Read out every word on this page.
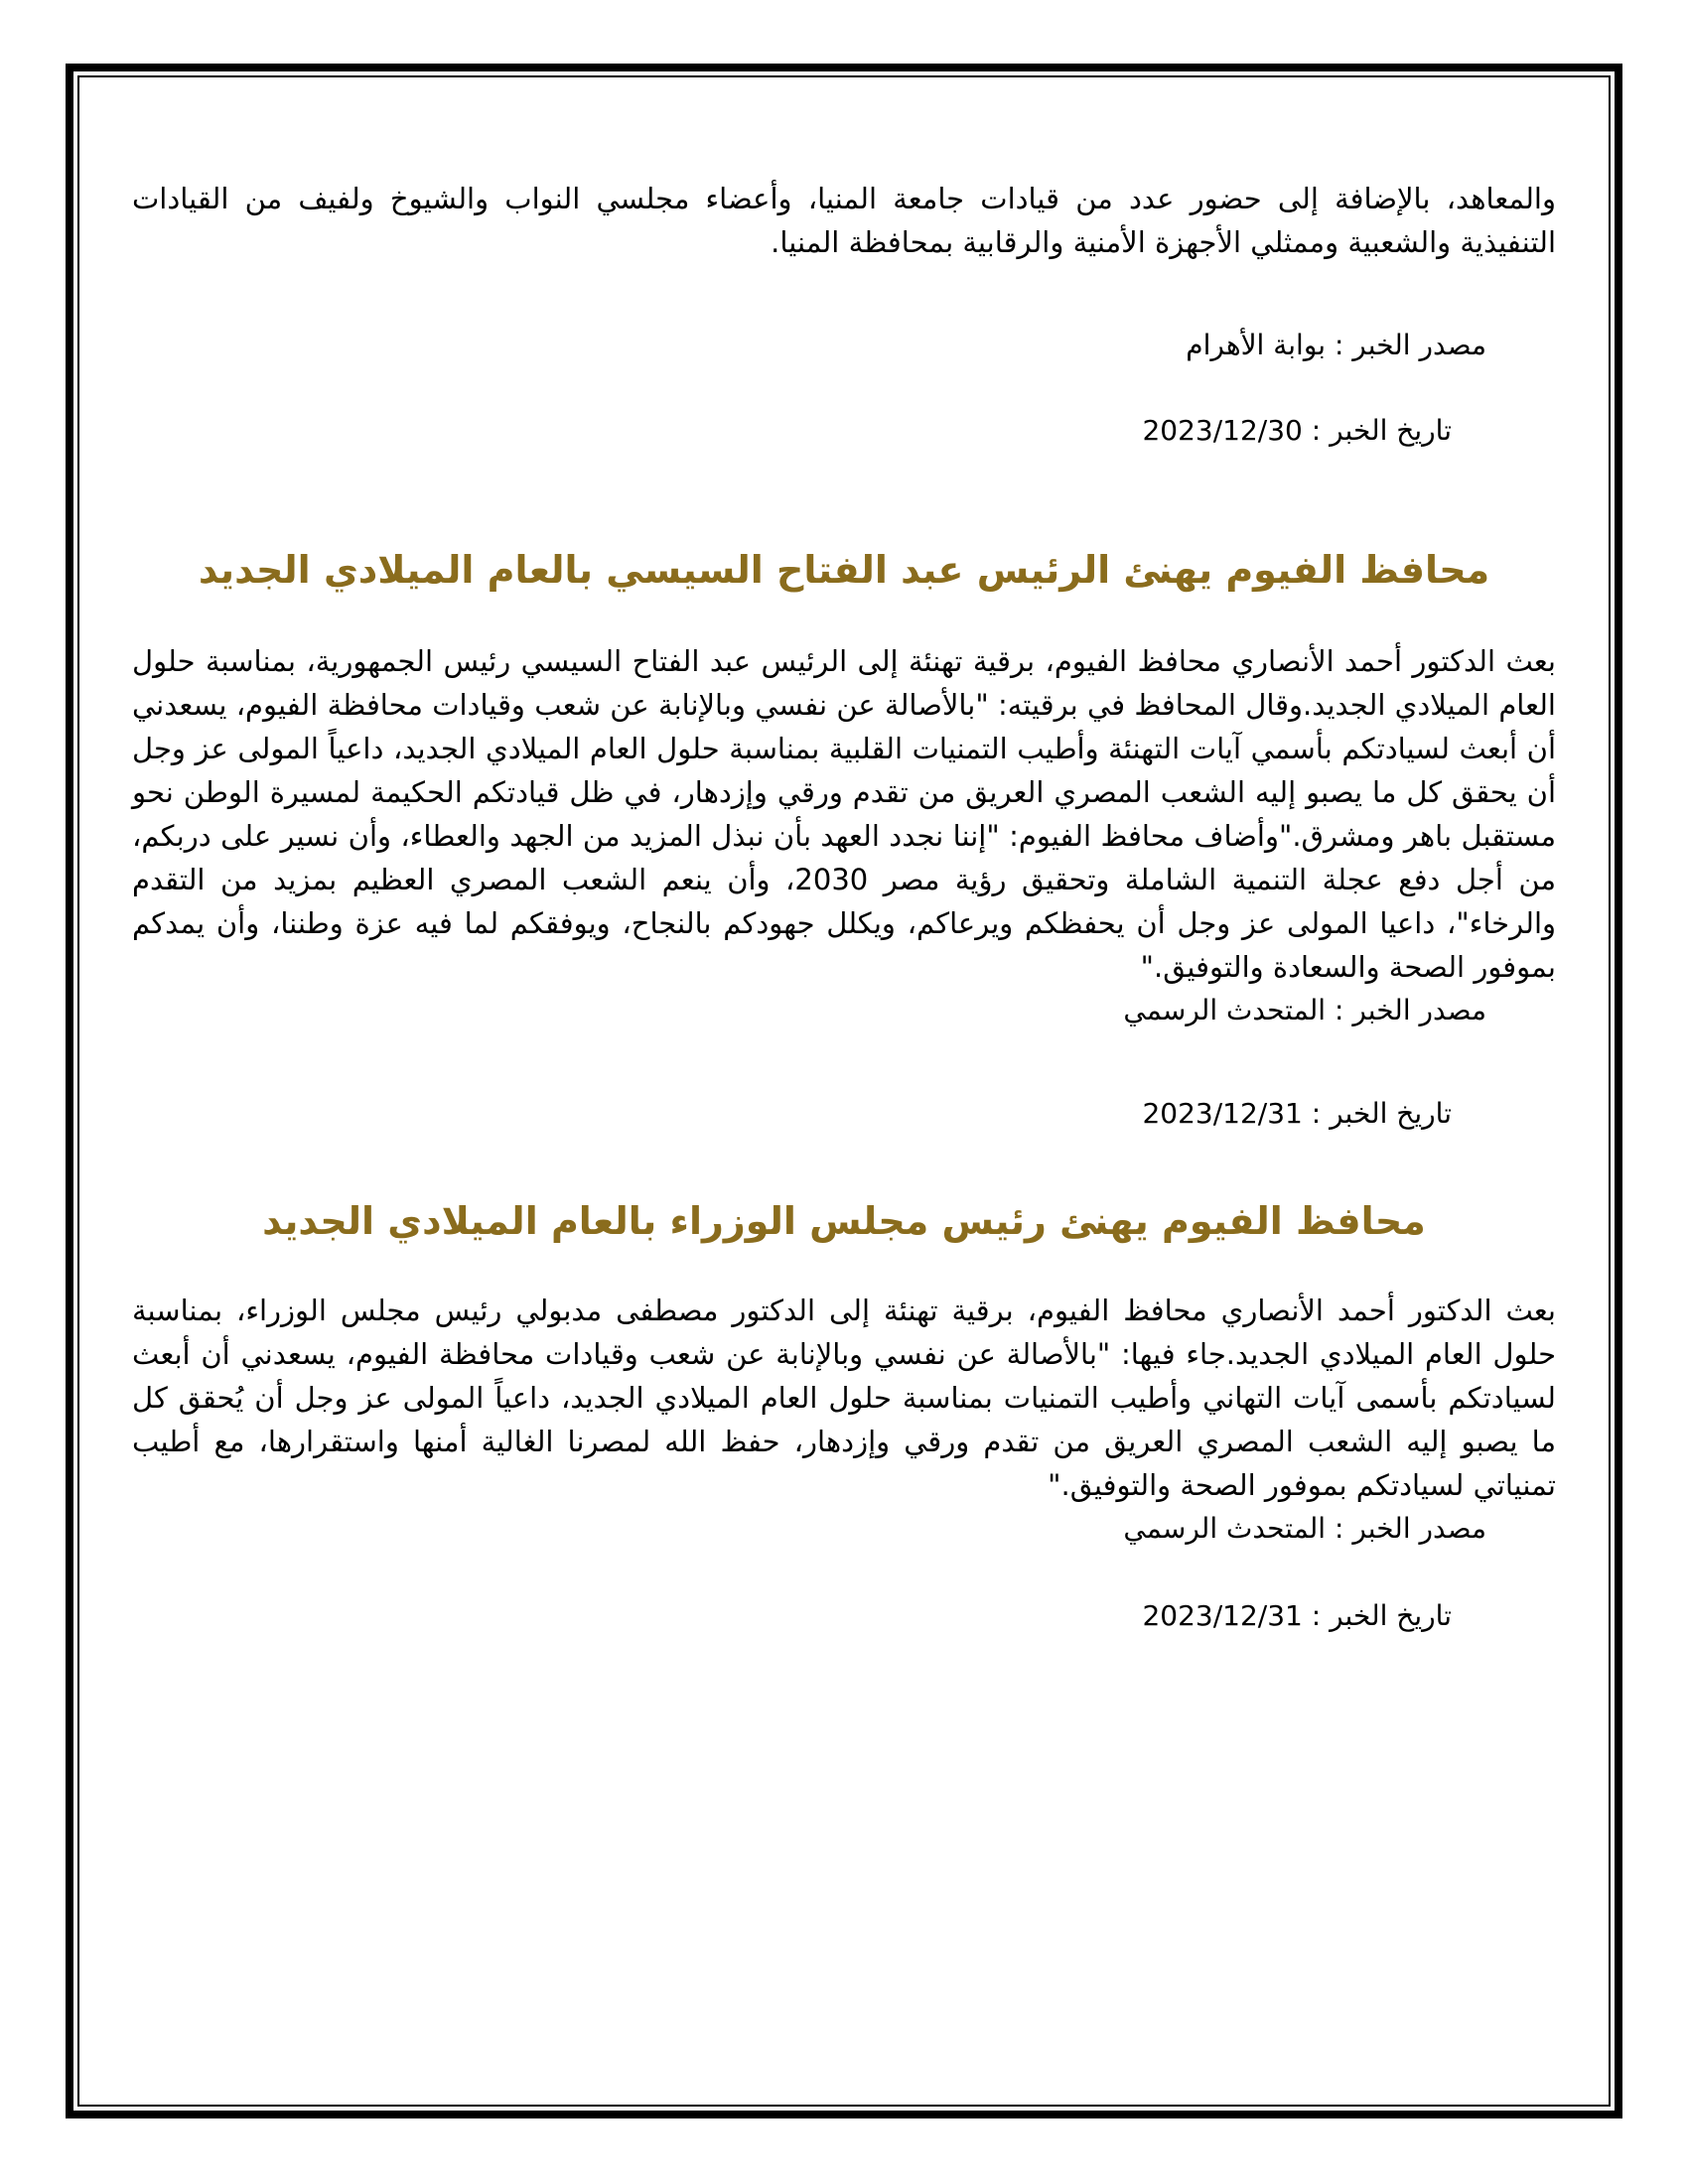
والمعاهد، بالإضافة إلى حضور عدد من قيادات جامعة المنيا، وأعضاء مجلسي النواب والشيوخ ولفيف من القيادات التنفيذية والشعبية وممثلي الأجهزة الأمنية والرقابية بمحافظة المنيا.

مصدر الخبر : بوابة الأهرام

تاريخ الخبر : 2023/12/30

محافظ الفيوم يهنئ الرئيس عبد الفتاح السيسي بالعام الميلادي الجديد

بعث الدكتور أحمد الأنصاري محافظ الفيوم، برقية تهنئة إلى الرئيس عبد الفتاح السيسي رئيس الجمهورية، بمناسبة حلول العام الميلادي الجديد.وقال المحافظ في برقيته: "بالأصالة عن نفسي وبالإنابة عن شعب وقيادات محافظة الفيوم، يسعدني أن أبعث لسيادتكم بأسمي آيات التهنئة وأطيب التمنيات القلبية بمناسبة حلول العام الميلادي الجديد، داعياً المولى عز وجل أن يحقق كل ما يصبو إليه الشعب المصري العريق من تقدم ورقي وإزدهار، في ظل قيادتكم الحكيمة لمسيرة الوطن نحو مستقبل باهر ومشرق."وأضاف محافظ الفيوم: "إننا نجدد العهد بأن نبذل المزيد من الجهد والعطاء، وأن نسير على دربكم، من أجل دفع عجلة التنمية الشاملة وتحقيق رؤية مصر 2030، وأن ينعم الشعب المصري العظيم بمزيد من التقدم والرخاء"، داعيا المولى عز وجل أن يحفظكم ويرعاكم، ويكلل جهودكم بالنجاح، ويوفقكم لما فيه عزة وطننا، وأن يمدكم بموفور الصحة والسعادة والتوفيق."

مصدر الخبر : المتحدث الرسمي

تاريخ الخبر : 2023/12/31

محافظ الفيوم يهنئ رئيس مجلس الوزراء بالعام الميلادي الجديد

بعث الدكتور أحمد الأنصاري محافظ الفيوم، برقية تهنئة إلى الدكتور مصطفى مدبولي رئيس مجلس الوزراء، بمناسبة حلول العام الميلادي الجديد.جاء فيها: "بالأصالة عن نفسي وبالإنابة عن شعب وقيادات محافظة الفيوم، يسعدني أن أبعث لسيادتكم بأسمى آيات التهاني وأطيب التمنيات بمناسبة حلول العام الميلادي الجديد، داعياً المولى عز وجل أن يُحقق كل ما يصبو إليه الشعب المصري العريق من تقدم ورقي وإزدهار، حفظ الله لمصرنا الغالية أمنها واستقرارها، مع أطيب تمنياتي لسيادتكم بموفور الصحة والتوفيق."

مصدر الخبر : المتحدث الرسمي

تاريخ الخبر : 2023/12/31
